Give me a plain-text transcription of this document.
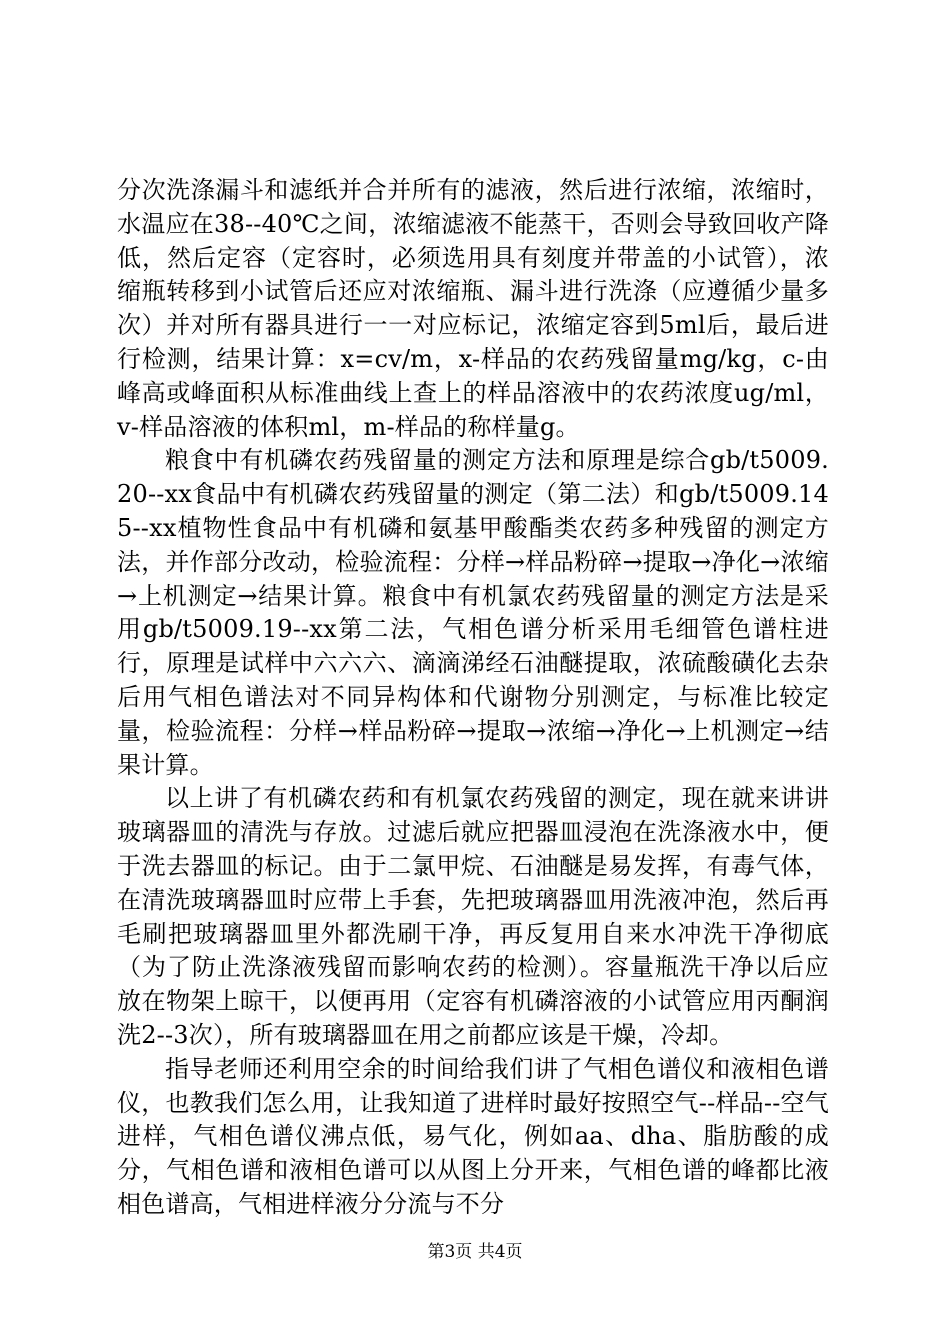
分次洗涤漏斗和滤纸并合并所有的滤液，然后进行浓缩，浓缩时，水温应在38--40℃之间，浓缩滤液不能蒸干，否则会导致回收产降低，然后定容（定容时，必须选用具有刻度并带盖的小试管），浓缩瓶转移到小试管后还应对浓缩瓶、漏斗进行洗涤（应遵循少量多次）并对所有器具进行一一对应标记，浓缩定容到5ml后，最后进行检测，结果计算：x=cv/m，x-样品的农药残留量mg/kg，c-由峰高或峰面积从标准曲线上查上的样品溶液中的农药浓度ug/ml，v-样品溶液的体积ml，m-样品的称样量g。

粮食中有机磷农药残留量的测定方法和原理是综合gb/t5009.20--xx食品中有机磷农药残留量的测定（第二法）和gb/t5009.145--xx植物性食品中有机磷和氨基甲酸酯类农药多种残留的测定方法，并作部分改动，检验流程：分样→样品粉碎→提取→净化→浓缩→上机测定→结果计算。粮食中有机氯农药残留量的测定方法是采用gb/t5009.19--xx第二法，气相色谱分析采用毛细管色谱柱进行，原理是试样中六六六、滴滴涕经石油醚提取，浓硫酸磺化去杂后用气相色谱法对不同异构体和代谢物分别测定，与标准比较定量，检验流程：分样→样品粉碎→提取→浓缩→净化→上机测定→结果计算。

以上讲了有机磷农药和有机氯农药残留的测定，现在就来讲讲玻璃器皿的清洗与存放。过滤后就应把器皿浸泡在洗涤液水中，便于洗去器皿的标记。由于二氯甲烷、石油醚是易发挥，有毒气体，在清洗玻璃器皿时应带上手套，先把玻璃器皿用洗液冲泡，然后再毛刷把玻璃器皿里外都洗刷干净，再反复用自来水冲洗干净彻底（为了防止洗涤液残留而影响农药的检测）。容量瓶洗干净以后应放在物架上晾干，以便再用（定容有机磷溶液的小试管应用丙酮润洗2--3次），所有玻璃器皿在用之前都应该是干燥，冷却。

指导老师还利用空余的时间给我们讲了气相色谱仪和液相色谱仪，也教我们怎么用，让我知道了进样时最好按照空气--样品--空气进样，气相色谱仪沸点低，易气化，例如aa、dha、脂肪酸的成分，气相色谱和液相色谱可以从图上分开来，气相色谱的峰都比液相色谱高，气相进样液分分流与不分

第3页 共4页
